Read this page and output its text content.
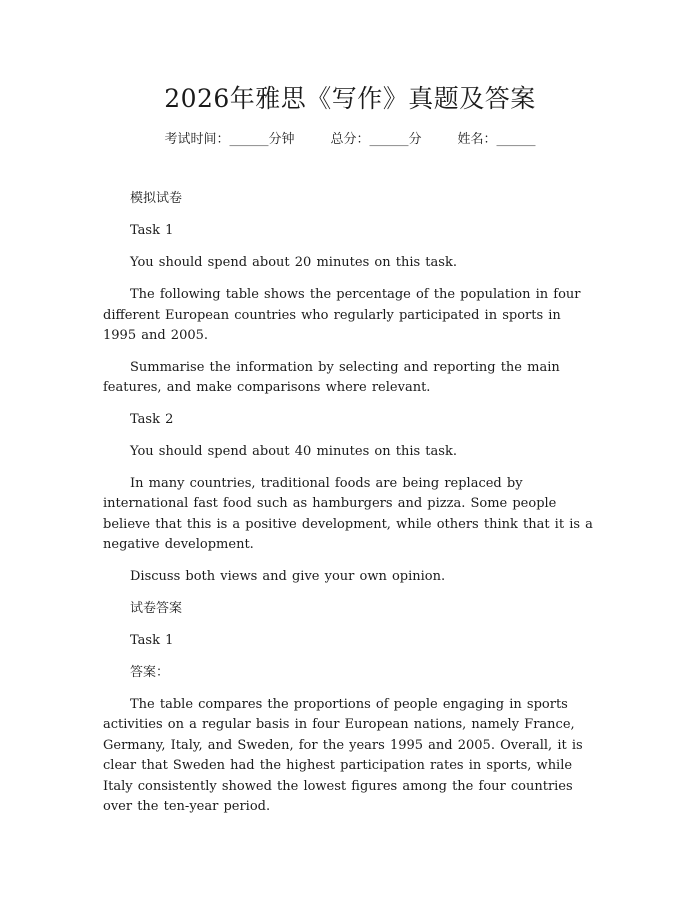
2026年雅思《写作》真题及答案
考试时间：______分钟	总分：______分	姓名：______

模拟试卷

Task 1

You should spend about 20 minutes on this task.

The following table shows the percentage of the population in four different European countries who regularly participated in sports in 1995 and 2005.

Summarise the information by selecting and reporting the main features, and make comparisons where relevant.

Task 2

You should spend about 40 minutes on this task.

In many countries, traditional foods are being replaced by international fast food such as hamburgers and pizza. Some people believe that this is a positive development, while others think that it is a negative development.

Discuss both views and give your own opinion.

试卷答案

Task 1

答案：

The table compares the proportions of people engaging in sports activities on a regular basis in four European nations, namely France, Germany, Italy, and Sweden, for the years 1995 and 2005. Overall, it is clear that Sweden had the highest participation rates in sports, while Italy consistently showed the lowest figures among the four countries over the ten-year period.
